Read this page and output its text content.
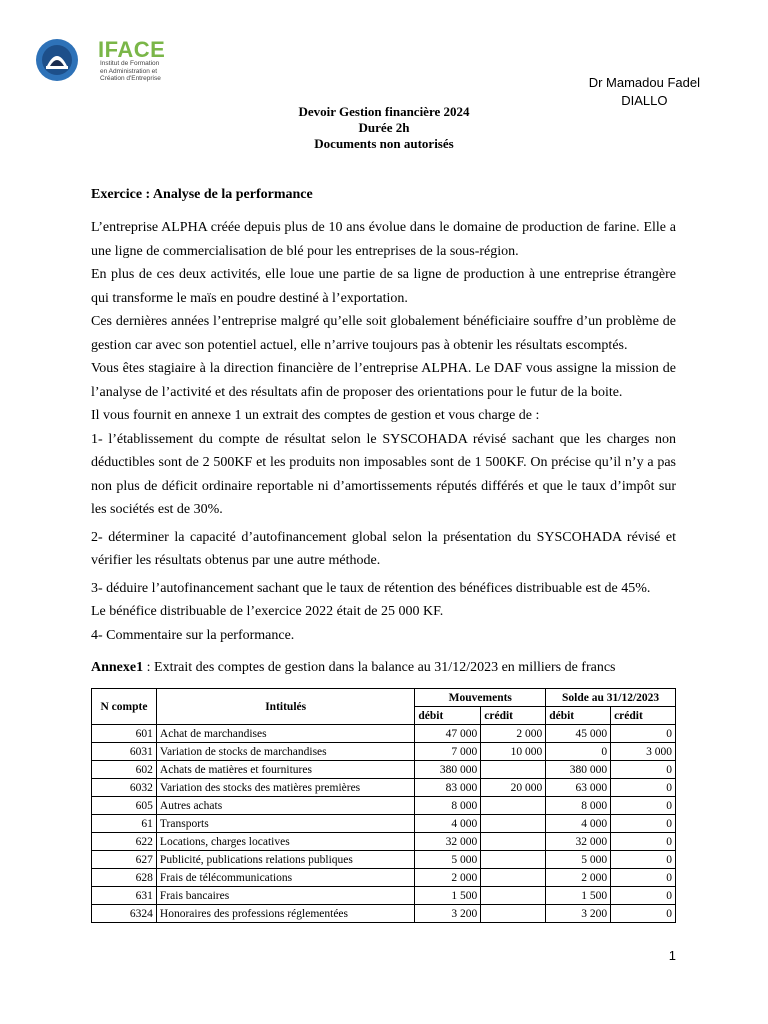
IFACE
Institut de Formation
en Administration et
Création d'Entreprise	Dr Mamadou Fadel
DIALLO
Devoir Gestion financière 2024
Durée 2h
Documents non autorisés
Exercice : Analyse de la performance

L’entreprise ALPHA créée depuis plus de 10 ans évolue dans le domaine de production de farine. Elle a une ligne de commercialisation de blé pour les entreprises de la sous-région.

En plus de ces deux activités, elle loue une partie de sa ligne de production à une entreprise étrangère qui transforme le maïs en poudre destiné à l’exportation.

Ces dernières années l’entreprise malgré qu’elle soit globalement bénéficiaire souffre d’un problème de gestion car avec son potentiel actuel, elle n’arrive toujours pas à obtenir les résultats escomptés.

Vous êtes stagiaire à la direction financière de l’entreprise ALPHA. Le DAF vous assigne la mission de l’analyse de l’activité et des résultats afin de proposer des orientations pour le futur de la boite.

Il vous fournit en annexe 1 un extrait des comptes de gestion et vous charge de :

1- l’établissement du compte de résultat selon le SYSCOHADA révisé sachant que les charges non déductibles sont de 2 500KF et les produits non imposables sont de 1 500KF. On précise qu’il n’y a pas non plus de déficit ordinaire reportable ni d’amortissements réputés différés et que le taux d’impôt sur les sociétés est de 30%.

2- déterminer la capacité d’autofinancement global selon la présentation du SYSCOHADA révisé et vérifier les résultats obtenus par une autre méthode.

3- déduire l’autofinancement sachant que le taux de rétention des bénéfices distribuable est de 45%.

Le bénéfice distribuable de l’exercice 2022 était de 25 000 KF.

4- Commentaire sur la performance.

Annexe1 : Extrait des comptes de gestion dans la balance au 31/12/2023 en milliers de francs
N compte	Intitulés	Mouvements		Solde au 31/12/2023	
		débit	crédit	débit	crédit
601	Achat de marchandises	47 000	2 000	45 000	0
6031	Variation de stocks de marchandises	7 000	10 000	0	3 000
602	Achats de matières et fournitures	380 000		380 000	0
6032	Variation des stocks des matières premières	83 000	20 000	63 000	0
605	Autres achats	8 000		8 000	0
61	Transports	4 000		4 000	0
622	Locations, charges locatives	32 000		32 000	0
627	Publicité, publications relations publiques	5 000		5 000	0
628	Frais de télécommunications	2 000		2 000	0
631	Frais bancaires	1 500		1 500	0
6324	Honoraires des professions réglementées	3 200		3 200	0
1
